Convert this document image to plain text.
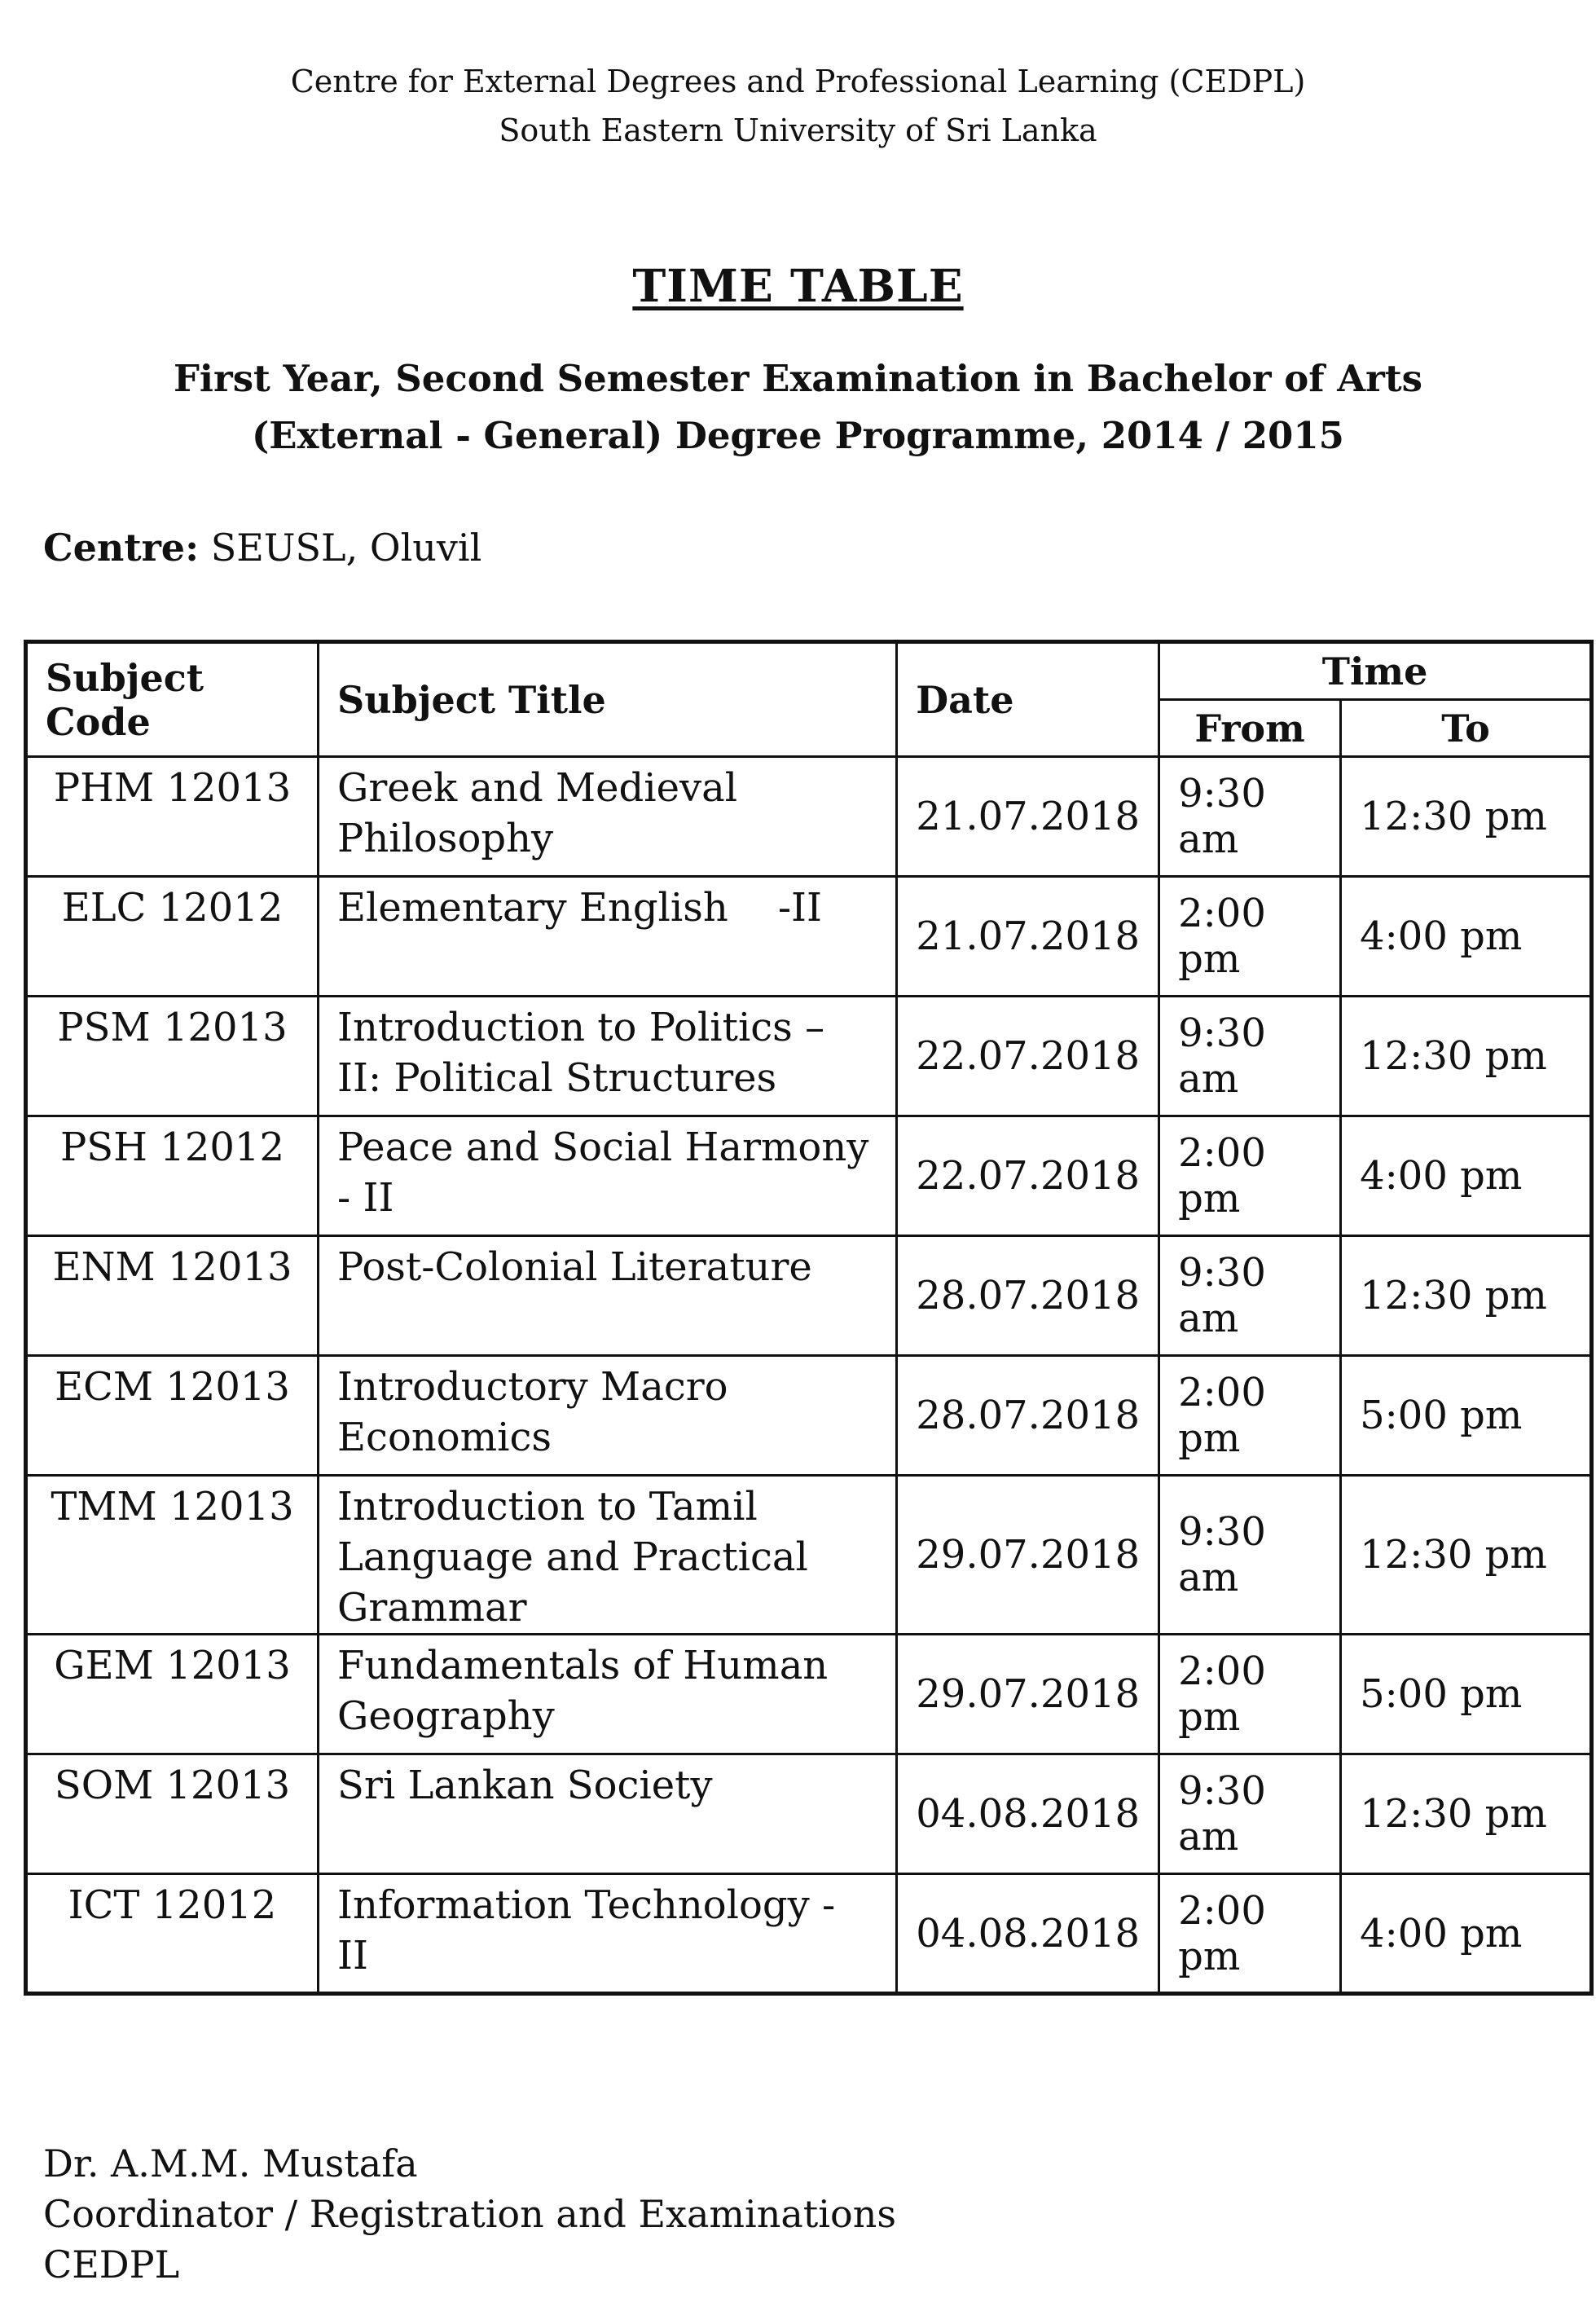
Centre for External Degrees and Professional Learning (CEDPL)
South Eastern University of Sri Lanka
TIME TABLE
First Year, Second Semester Examination in Bachelor of Arts
(External - General) Degree Programme, 2014 / 2015
Centre: SEUSL, Oluvil
Subject Code	Subject Title	Date	Time	
			From	To
PHM 12013	Greek and Medieval Philosophy	21.07.2018	9:30 am	12:30 pm
ELC 12012	Elementary English    -II	21.07.2018	2:00 pm	4:00 pm
PSM 12013	Introduction to Politics – II: Political Structures	22.07.2018	9:30 am	12:30 pm
PSH 12012	Peace and Social Harmony - II	22.07.2018	2:00 pm	4:00 pm
ENM 12013	Post-Colonial Literature	28.07.2018	9:30 am	12:30 pm
ECM 12013	Introductory Macro Economics	28.07.2018	2:00 pm	5:00 pm
TMM 12013	Introduction to Tamil Language and Practical Grammar	29.07.2018	9:30 am	12:30 pm
GEM 12013	Fundamentals of Human Geography	29.07.2018	2:00 pm	5:00 pm
SOM 12013	Sri Lankan Society	04.08.2018	9:30 am	12:30 pm
ICT 12012	Information Technology - II	04.08.2018	2:00 pm	4:00 pm
Dr. A.M.M. Mustafa
Coordinator / Registration and Examinations
CEDPL
